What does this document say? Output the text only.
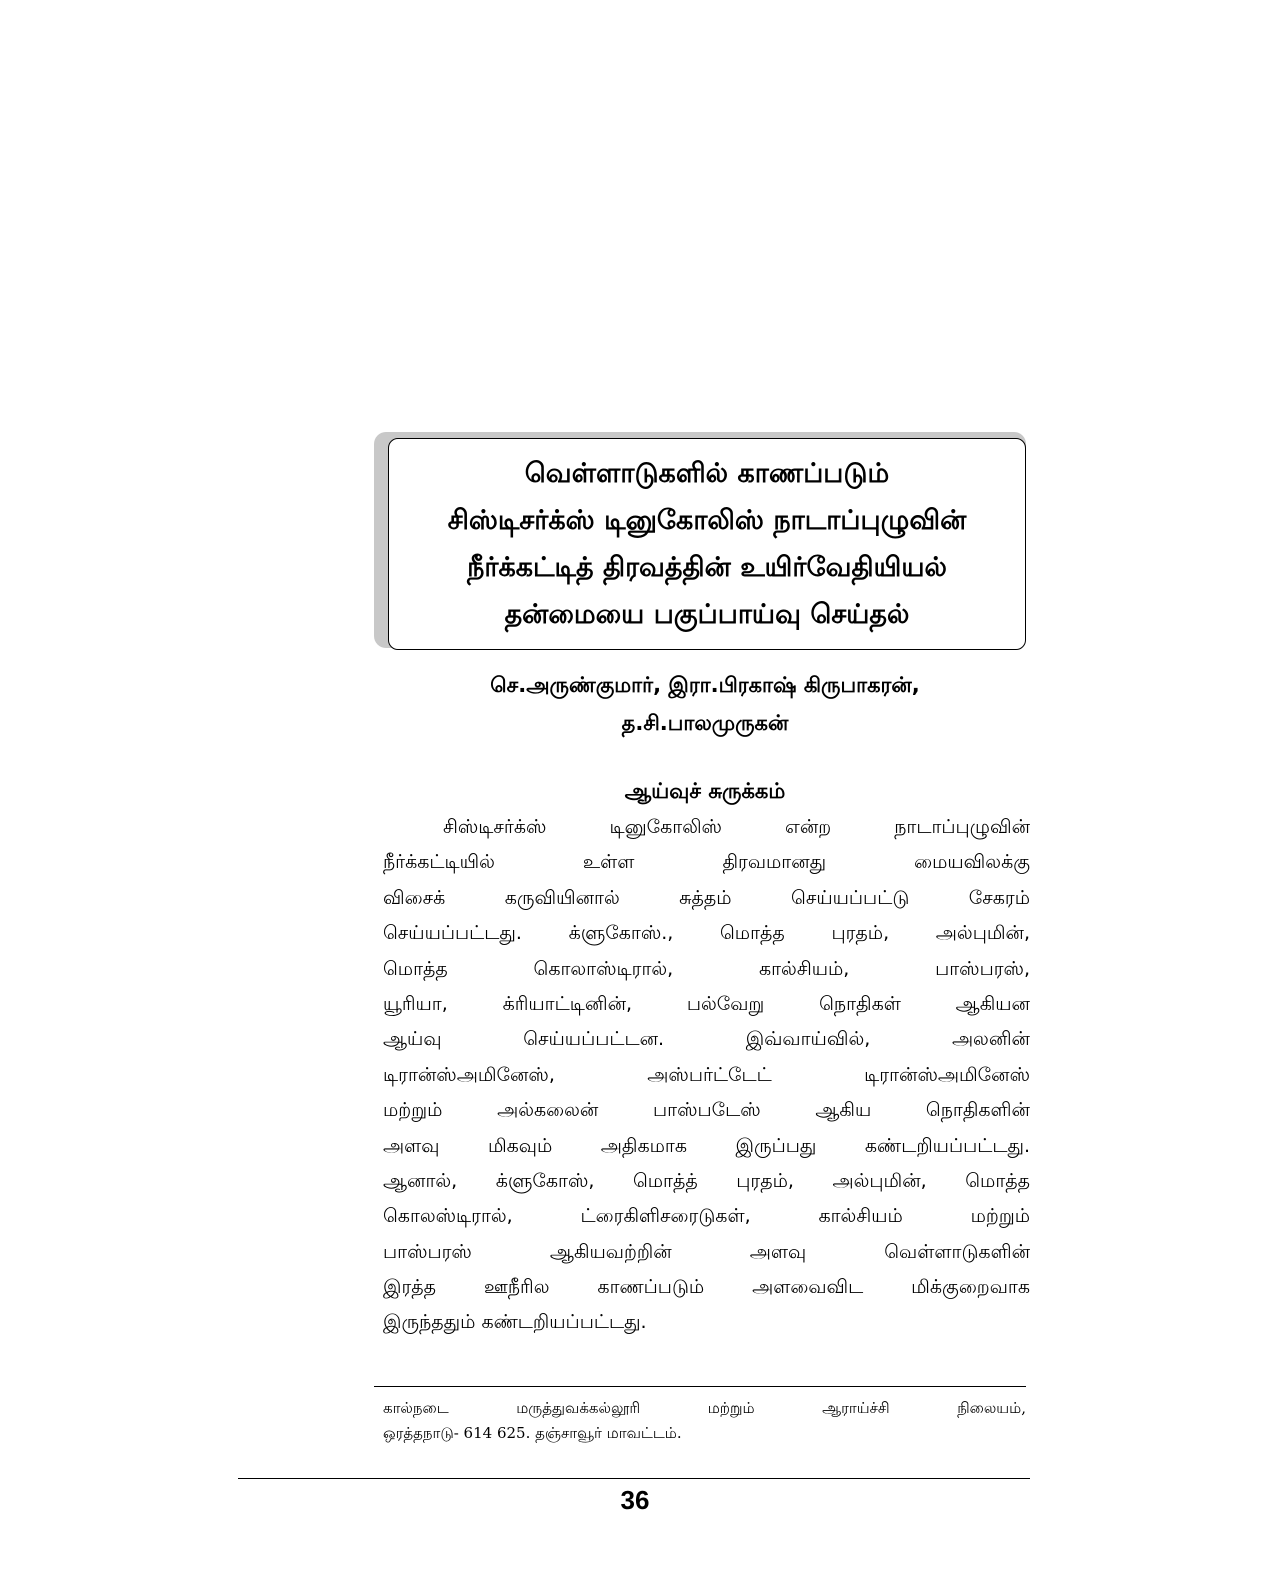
வெள்ளாடுகளில் காணப்படும்
சிஸ்டிசர்க்ஸ் டினுகோலிஸ் நாடாப்புழுவின்
நீர்க்கட்டித் திரவத்தின் உயிர்வேதியியல்
தன்மையை பகுப்பாய்வு செய்தல்
செ.அருண்குமார், இரா.பிரகாஷ் கிருபாகரன்,
த.சி.பாலமுருகன்
ஆய்வுச் சுருக்கம்
சிஸ்டிசர்க்ஸ் டினுகோலிஸ் என்ற நாடாப்புழுவின்
நீர்க்கட்டியில் உள்ள திரவமானது மையவிலக்கு
விசைக் கருவியினால் சுத்தம் செய்யப்பட்டு சேகரம்
செய்யப்பட்டது. க்ளுகோஸ்., மொத்த புரதம், அல்புமின்,
மொத்த கொலாஸ்டிரால், கால்சியம், பாஸ்பரஸ்,
யூரியா, க்ரியாட்டினின், பல்வேறு நொதிகள் ஆகியன
ஆய்வு செய்யப்பட்டன. இவ்வாய்வில், அலனின்
டிரான்ஸ்அமினேஸ், அஸ்பர்ட்டேட் டிரான்ஸ்அமினேஸ்
மற்றும் அல்கலைன் பாஸ்படேஸ் ஆகிய நொதிகளின்
அளவு மிகவும் அதிகமாக இருப்பது கண்டறியப்பட்டது.
ஆனால், க்ளுகோஸ், மொத்த் புரதம், அல்புமின், மொத்த
கொலஸ்டிரால், ட்ரைகிளிசரைடுகள், கால்சியம் மற்றும்
பாஸ்பரஸ் ஆகியவற்றின் அளவு வெள்ளாடுகளின்
இரத்த ஊநீரில காணப்படும் அளவைவிட மிக்குறைவாக
இருந்ததும் கண்டறியப்பட்டது.
கால்நடை மருத்துவக்கல்லூரி மற்றும் ஆராய்ச்சி நிலையம்,
ஒரத்தநாடு- 614 625. தஞ்சாவூர் மாவட்டம்.
36
